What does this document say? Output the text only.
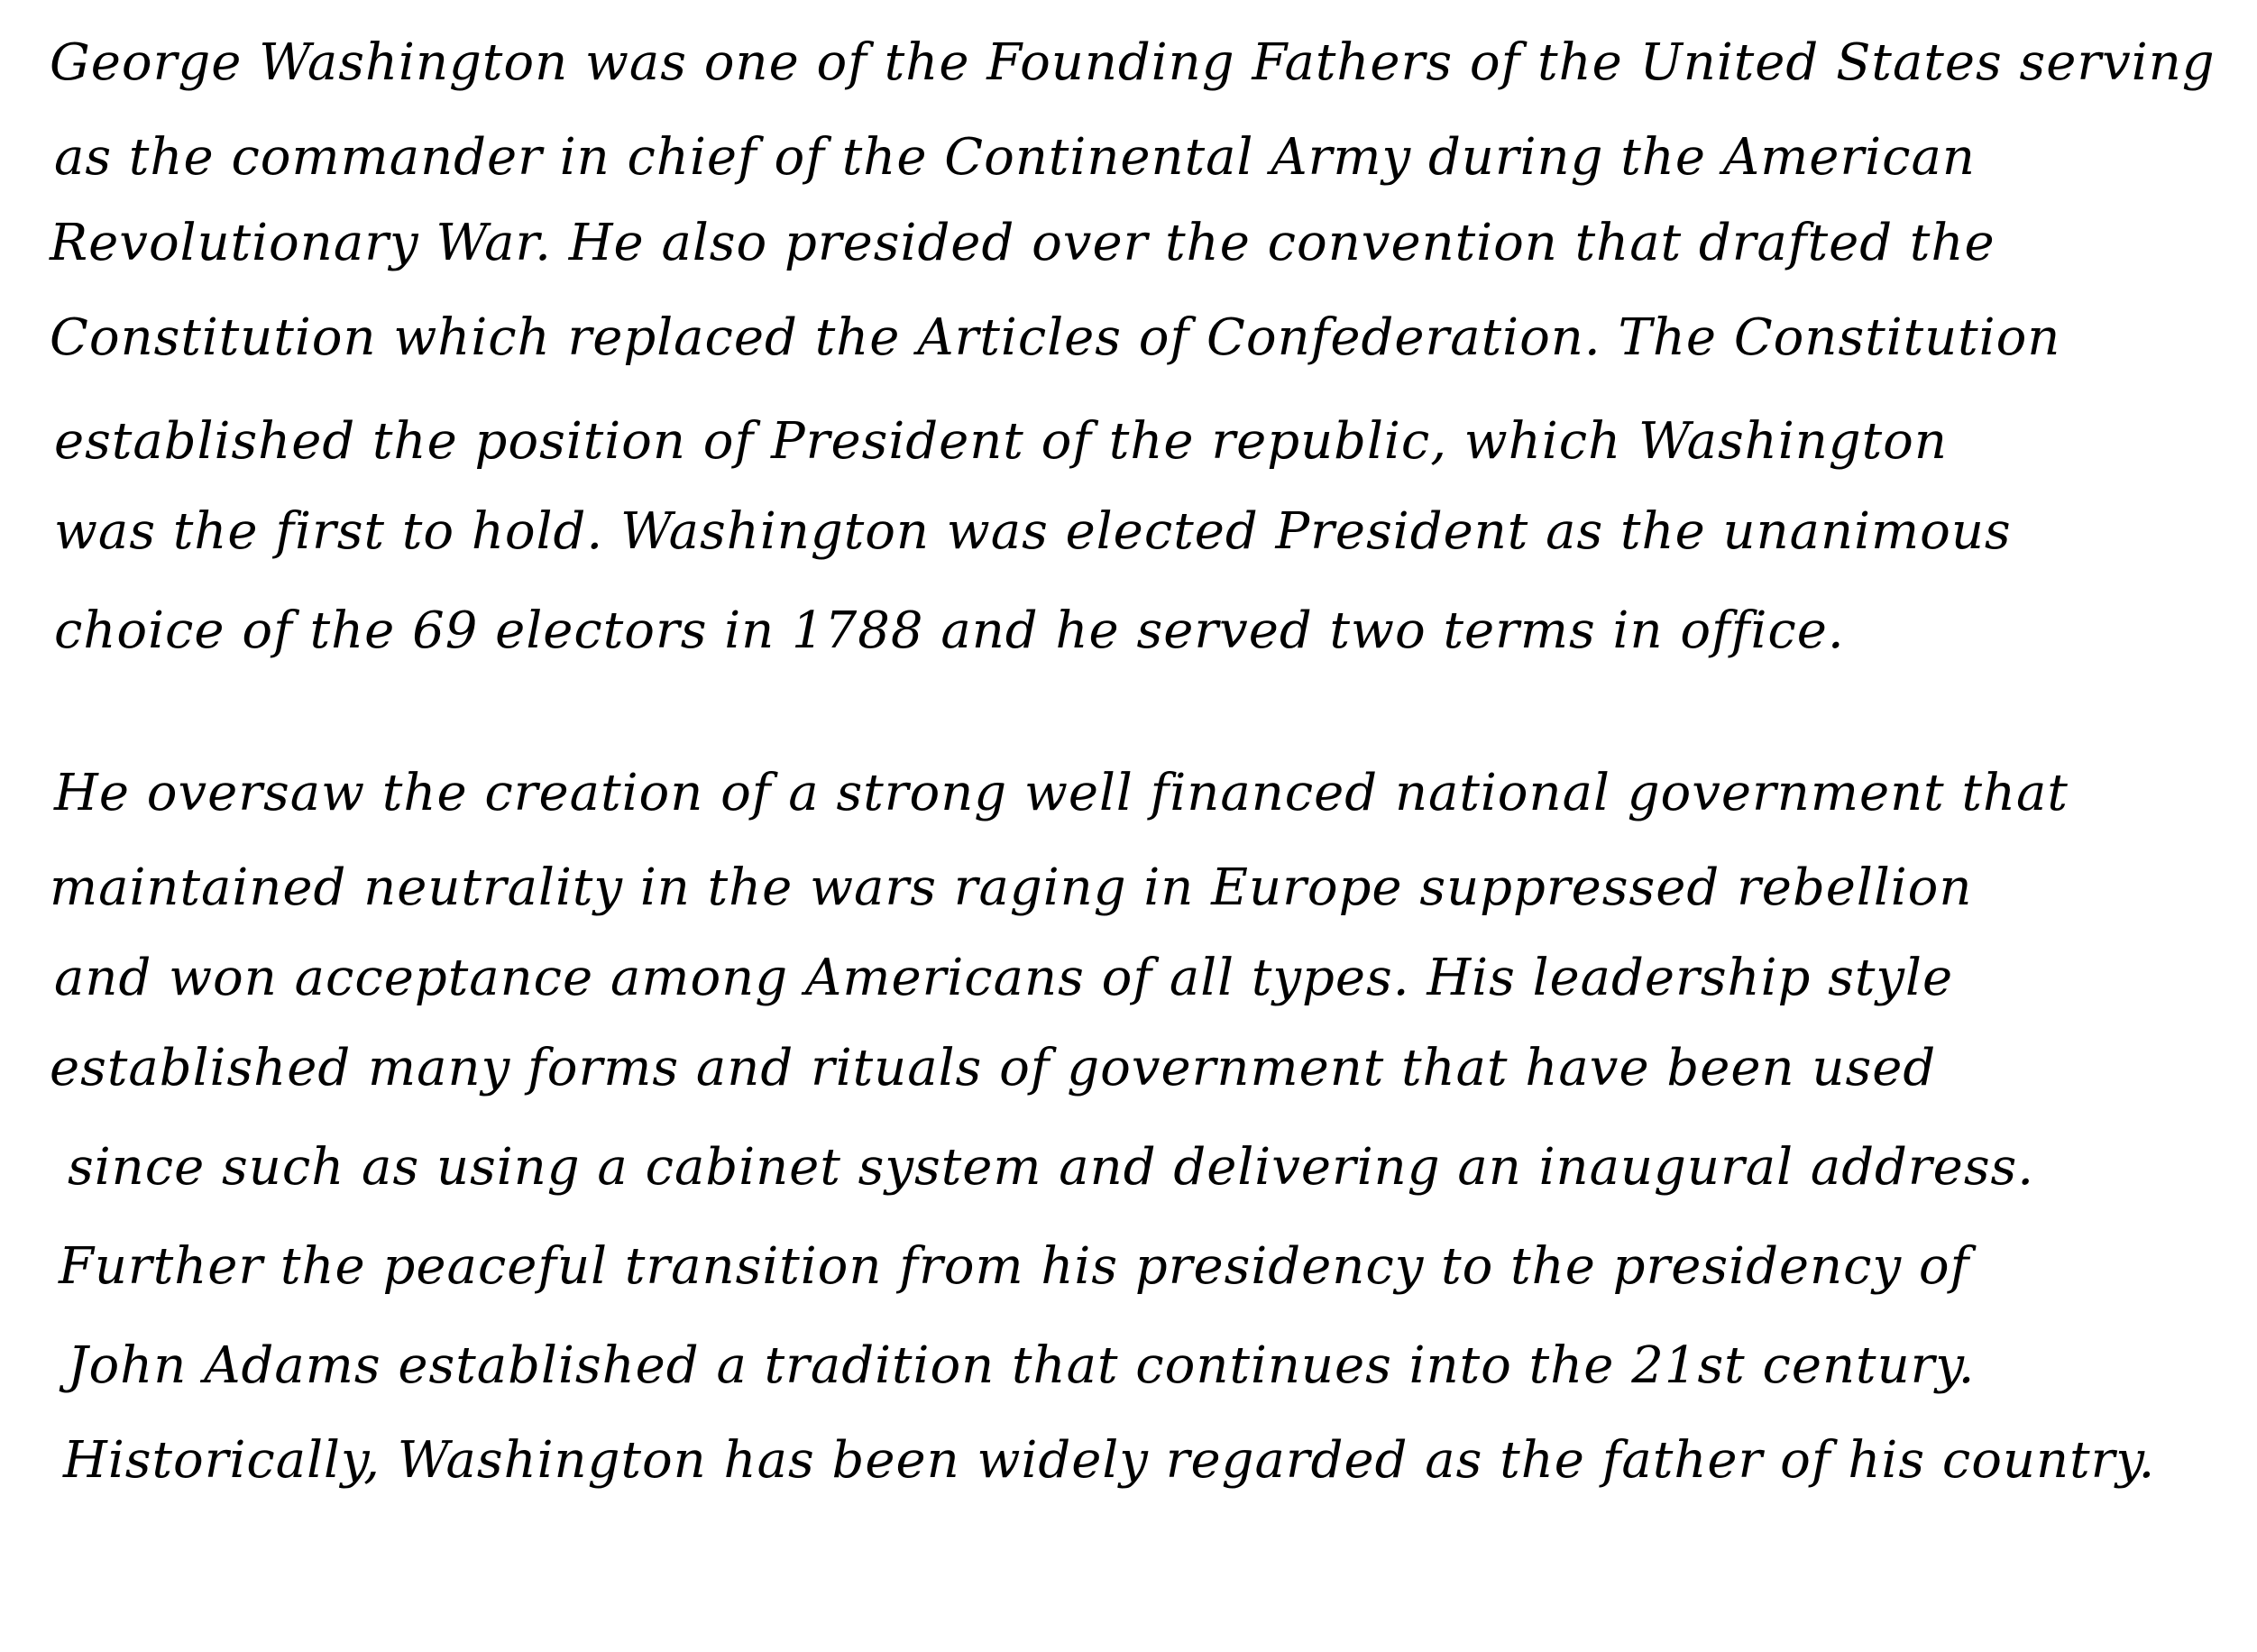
George Washington was one of the Founding Fathers of the United States serving
as the commander in chief of the Continental Army during the American
Revolutionary War. He also presided over the convention that drafted the
Constitution which replaced the Articles of Confederation. The Constitution
established the position of President of the republic, which Washington
was the first to hold. Washington was elected President as the unanimous
choice of the 69 electors in 1788 and he served two terms in office.
He oversaw the creation of a strong well financed national government that
maintained neutrality in the wars raging in Europe suppressed rebellion
and won acceptance among Americans of all types. His leadership style
established many forms and rituals of government that have been used
since such as using a cabinet system and delivering an inaugural address.
Further the peaceful transition from his presidency to the presidency of
John Adams established a tradition that continues into the 21st century.
Historically, Washington has been widely regarded as the father of his country.
